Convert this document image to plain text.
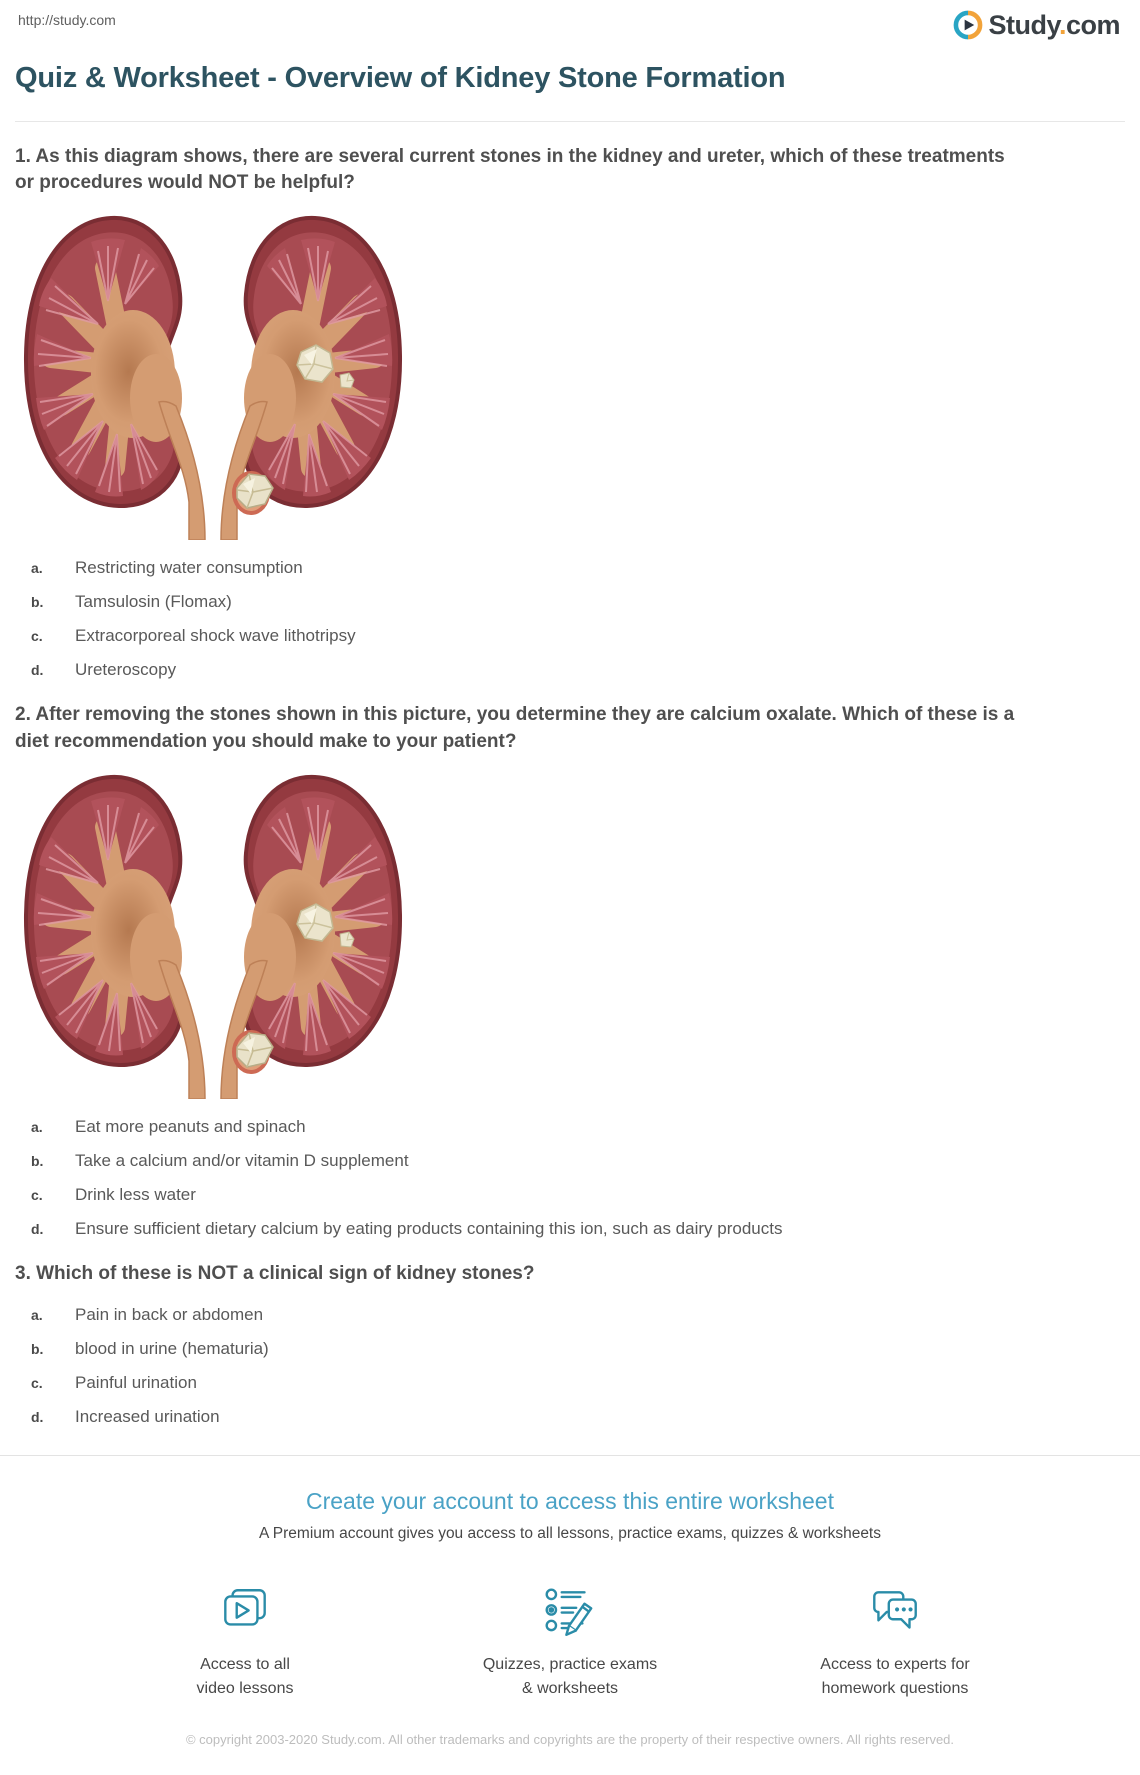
http://study.com	Study.com
Quiz & Worksheet - Overview of Kidney Stone Formation

1. As this diagram shows, there are several current stones in the kidney and ureter, which of these treatments or procedures would NOT be helpful?

a.	Restricting water consumption
b.	Tamsulosin (Flomax)
c.	Extracorporeal shock wave lithotripsy
d.	Ureteroscopy

2. After removing the stones shown in this picture, you determine they are calcium oxalate. Which of these is a diet recommendation you should make to your patient?

a.	Eat more peanuts and spinach
b.	Take a calcium and/or vitamin D supplement
c.	Drink less water
d.	Ensure sufficient dietary calcium by eating products containing this ion, such as dairy products

3. Which of these is NOT a clinical sign of kidney stones?

a.	Pain in back or abdomen
b.	blood in urine (hematuria)
c.	Painful urination
d.	Increased urination
Create your account to access this entire worksheet

A Premium account gives you access to all lessons, practice exams, quizzes & worksheets

Access to all
video lessons
Quizzes, practice exams
& worksheets
Access to experts for
homework questions

© copyright 2003-2020 Study.com. All other trademarks and copyrights are the property of their respective owners. All rights reserved.
